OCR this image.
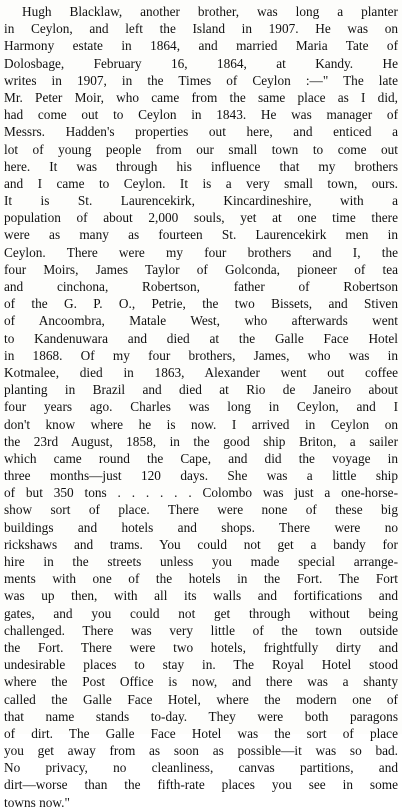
Hugh Blacklaw, another brother, was long a planter
in Ceylon, and left the Island in 1907. He was on
Harmony estate in 1864, and married Maria Tate of
Dolosbage, February 16, 1864, at Kandy. He
writes in 1907, in the Times of Ceylon :—" The late
Mr. Peter Moir, who came from the same place as I did,
had come out to Ceylon in 1843. He was manager of
Messrs. Hadden's properties out here, and enticed a
lot of young people from our small town to come out
here. It was through his influence that my brothers
and I came to Ceylon. It is a very small town, ours.
It is St. Laurencekirk, Kincardineshire, with a
population of about 2,000 souls, yet at one time there
were as many as fourteen St. Laurencekirk men in
Ceylon. There were my four brothers and I, the
four Moirs, James Taylor of Golconda, pioneer of tea
and cinchona, Robertson, father of Robertson
of the G. P. O., Petrie, the two Bissets, and Stiven
of Ancoombra, Matale West, who afterwards went
to Kandenuwara and died at the Galle Face Hotel
in 1868. Of my four brothers, James, who was in
Kotmalee, died in 1863, Alexander went out coffee
planting in Brazil and died at Rio de Janeiro about
four years ago. Charles was long in Ceylon, and I
don't know where he is now. I arrived in Ceylon on
the 23rd August, 1858, in the good ship Briton, a sailer
which came round the Cape, and did the voyage in
three months—just 120 days. She was a little ship
of but 350 tons . . . . . . Colombo was just a one-horse-
show sort of place. There were none of these big
buildings and hotels and shops. There were no
rickshaws and trams. You could not get a bandy for
hire in the streets unless you made special arrange-
ments with one of the hotels in the Fort. The Fort
was up then, with all its walls and fortifications and
gates, and you could not get through without being
challenged. There was very little of the town outside
the Fort. There were two hotels, frightfully dirty and
undesirable places to stay in. The Royal Hotel stood
where the Post Office is now, and there was a shanty
called the Galle Face Hotel, where the modern one of
that name stands to-day. They were both paragons
of dirt. The Galle Face Hotel was the sort of place
you get away from as soon as possible—it was so bad.
No privacy, no cleanliness, canvas partitions, and
dirt—worse than the fifth-rate places you see in some
towns now."
